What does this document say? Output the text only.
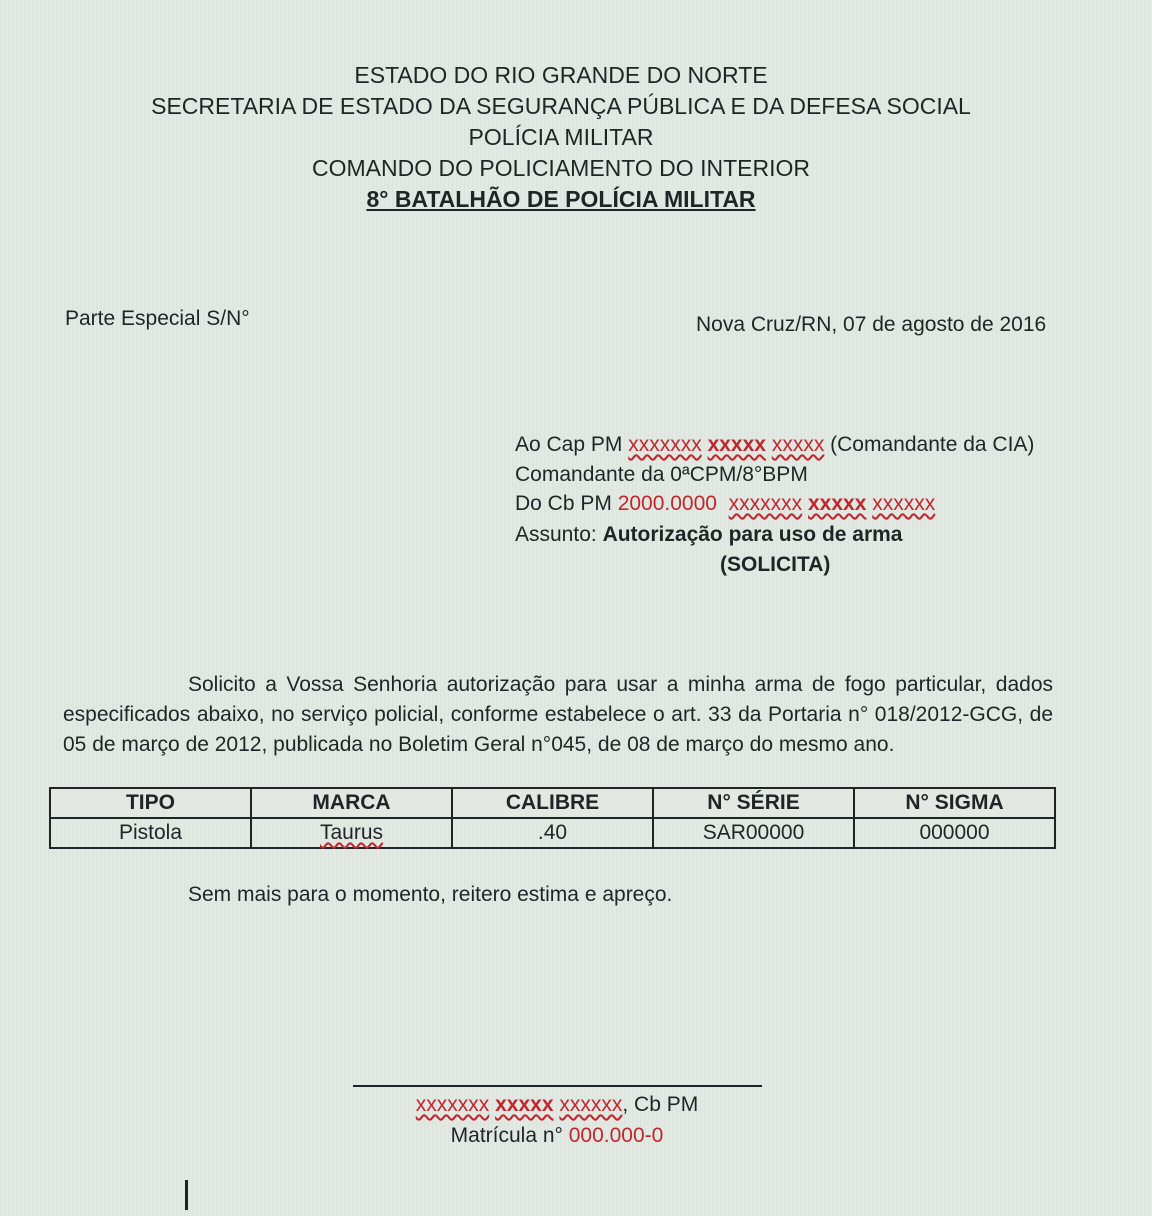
ESTADO DO RIO GRANDE DO NORTE
SECRETARIA DE ESTADO DA SEGURANÇA PÚBLICA E DA DEFESA SOCIAL
POLÍCIA MILITAR
COMANDO DO POLICIAMENTO DO INTERIOR
8° BATALHÃO DE POLÍCIA MILITAR
Parte Especial S/N°	Nova Cruz/RN, 07 de agosto de 2016
Ao Cap PM xxxxxxx xxxxx xxxxx (Comandante da CIA)
Comandante da 0ªCPM/8°BPM
Do Cb PM 2000.0000 xxxxxxx xxxxx xxxxxx
Assunto: Autorização para uso de arma
(SOLICITA)

Solicito a Vossa Senhoria autorização para usar a minha arma de fogo particular, dados especificados abaixo, no serviço policial, conforme estabelece o art. 33 da Portaria n° 018/2012-GCG, de 05 de março de 2012, publicada no Boletim Geral n°045, de 08 de março do mesmo ano.

TIPO	MARCA	CALIBRE	N° SÉRIE	N° SIGMA
Pistola	Taurus	.40	SAR00000	000000
Sem mais para o momento, reitero estima e apreço.
xxxxxxx xxxxx xxxxxx, Cb PM
Matrícula n° 000.000-0
